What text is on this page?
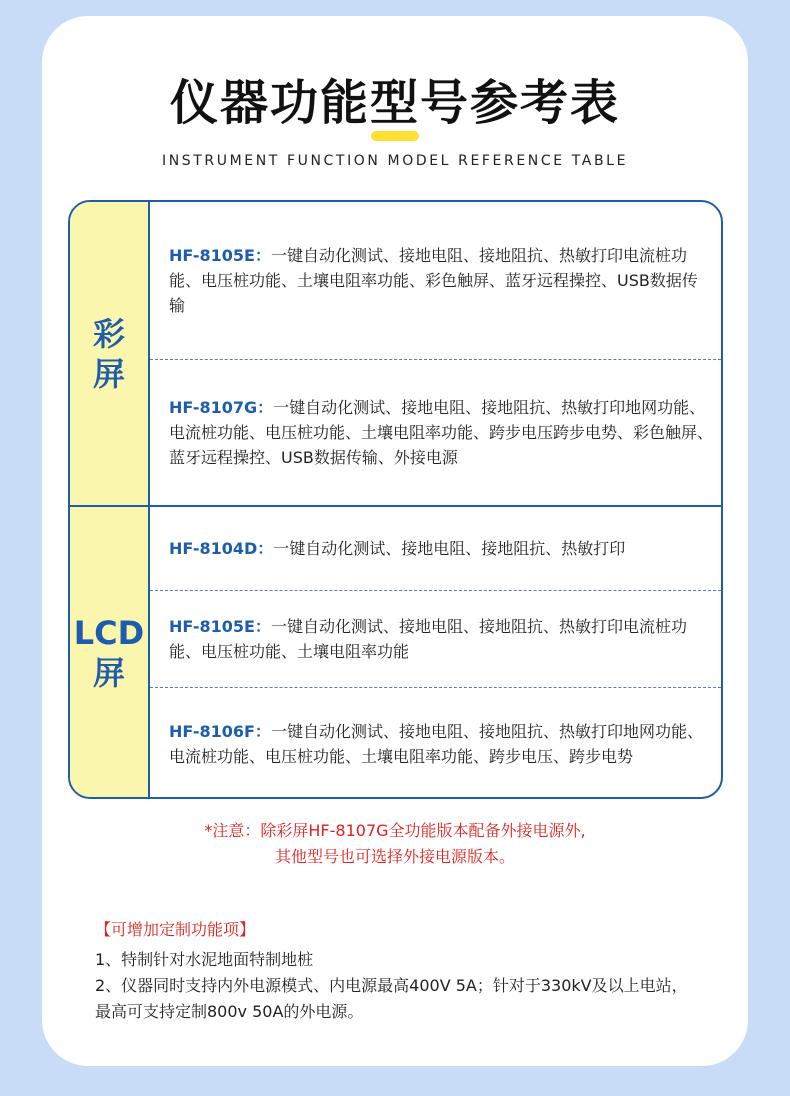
仪器功能型号参考表
INSTRUMENT FUNCTION MODEL REFERENCE TABLE
彩
屏
HF-8105E：一键自动化测试、接地电阻、接地阻抗、热敏打印电流桩功能、电压桩功能、土壤电阻率功能、彩色触屏、蓝牙远程操控、USB数据传输
HF-8107G：一键自动化测试、接地电阻、接地阻抗、热敏打印地网功能、电流桩功能、电压桩功能、土壤电阻率功能、跨步电压跨步电势、彩色触屏、蓝牙远程操控、USB数据传输、外接电源
LCD
屏
HF-8104D：一键自动化测试、接地电阻、接地阻抗、热敏打印
HF-8105E：一键自动化测试、接地电阻、接地阻抗、热敏打印电流桩功能、电压桩功能、土壤电阻率功能
HF-8106F：一键自动化测试、接地电阻、接地阻抗、热敏打印地网功能、电流桩功能、电压桩功能、土壤电阻率功能、跨步电压、跨步电势
*注意：除彩屏HF-8107G全功能版本配备外接电源外,
其他型号也可选择外接电源版本。
【可增加定制功能项】
1、特制针对水泥地面特制地桩
2、仪器同时支持内外电源模式、内电源最高400V 5A；针对于330kV及以上电站，最高可支持定制800v 50A的外电源。
